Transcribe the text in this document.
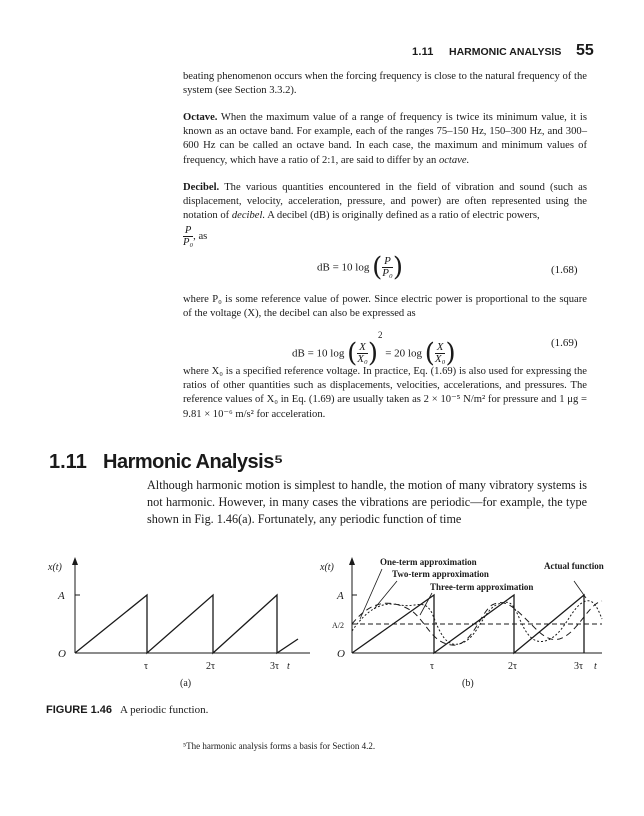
1.11 HARMONIC ANALYSIS 55
beating phenomenon occurs when the forcing frequency is close to the natural frequency of the system (see Section 3.3.2).
Octave. When the maximum value of a range of frequency is twice its minimum value, it is known as an octave band. For example, each of the ranges 75–150 Hz, 150–300 Hz, and 300–600 Hz can be called an octave band. In each case, the maximum and minimum values of frequency, which have a ratio of 2:1, are said to differ by an octave.
Decibel. The various quantities encountered in the field of vibration and sound (such as displacement, velocity, acceleration, pressure, and power) are often represented using the notation of decibel. A decibel (dB) is originally defined as a ratio of electric powers,
$\frac{P}{\text{P₀}}$ , as
dB = 10 log ( $\frac{P}{\text{P₀}}$ )	(1.68)
where P₀ is some reference value of power. Since electric power is proportional to the square of the voltage (X), the decibel can also be expressed as
dB = 10 log ( $\frac{X}{\text{X₀}} )^2 = 20$ log ( $\frac{X}{\text{X₀}}$ )	(1.69)
where X₀ is a specified reference voltage. In practice, Eq. (1.69) is also used for expressing the ratios of other quantities such as displacements, velocities, accelerations, and pressures. The reference values of X₀ in Eq. (1.69) are usually taken as 2 × 10⁻⁵ N/m² for pressure and 1 μg = 9.81 × 10⁻⁶ m/s² for acceleration.
1.11 Harmonic Analysis⁵
Although harmonic motion is simplest to handle, the motion of many vibratory systems is not harmonic. However, in many cases the vibrations are periodic—for example, the type shown in Fig. 1.46(a). Fortunately, any periodic function of time
x(t)
A
O
τ	2τ	3τ t
(a)
x(t)
A
A/2
O
One-term approximation
Two-term approximation
Three-term approximation
Actual function
τ	2τ	3τ t
(b)
FIGURE 1.46 A periodic function.
⁵The harmonic analysis forms a basis for Section 4.2.
